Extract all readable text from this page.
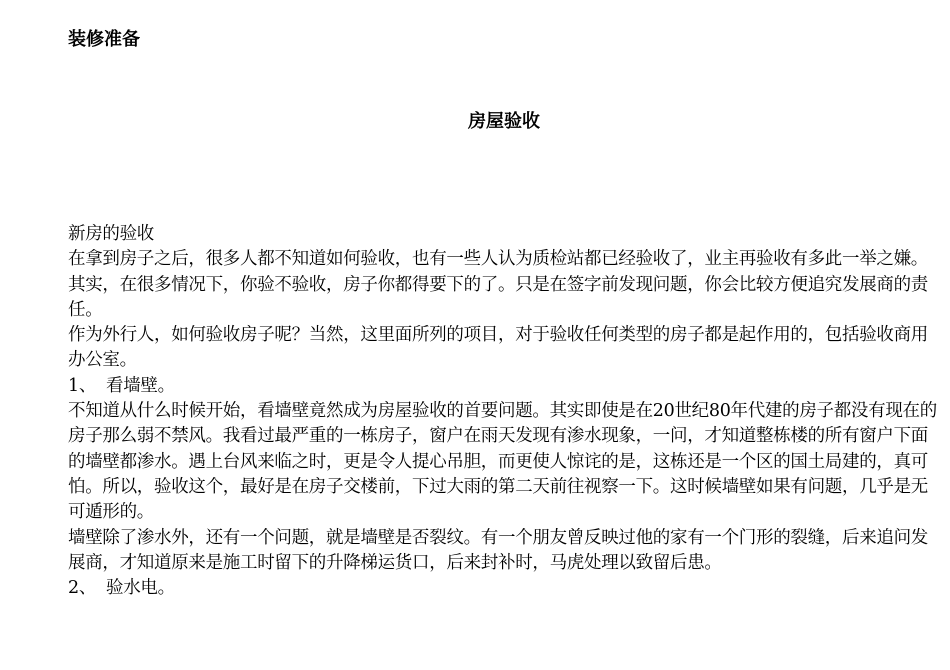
装修准备
房屋验收

新房的验收

在拿到房子之后，很多人都不知道如何验收，也有一些人认为质检站都已经验收了，业主再验收有多此一举之嫌。其实，在很多情况下，你验不验收，房子你都得要下的了。只是在签字前发现问题，你会比较方便追究发展商的责任。

作为外行人，如何验收房子呢？当然，这里面所列的项目，对于验收任何类型的房子都是起作用的，包括验收商用办公室。

1、 看墙壁。

不知道从什么时候开始，看墙壁竟然成为房屋验收的首要问题。其实即使是在20世纪80年代建的房子都没有现在的房子那么弱不禁风。我看过最严重的一栋房子，窗户在雨天发现有渗水现象，一问，才知道整栋楼的所有窗户下面的墙壁都渗水。遇上台风来临之时，更是令人提心吊胆，而更使人惊诧的是，这栋还是一个区的国土局建的，真可怕。所以，验收这个，最好是在房子交楼前，下过大雨的第二天前往视察一下。这时候墙壁如果有问题，几乎是无可遁形的。

墙壁除了渗水外，还有一个问题，就是墙壁是否裂纹。有一个朋友曾反映过他的家有一个门形的裂缝，后来追问发展商，才知道原来是施工时留下的升降梯运货口，后来封补时，马虎处理以致留后患。

2、 验水电。
